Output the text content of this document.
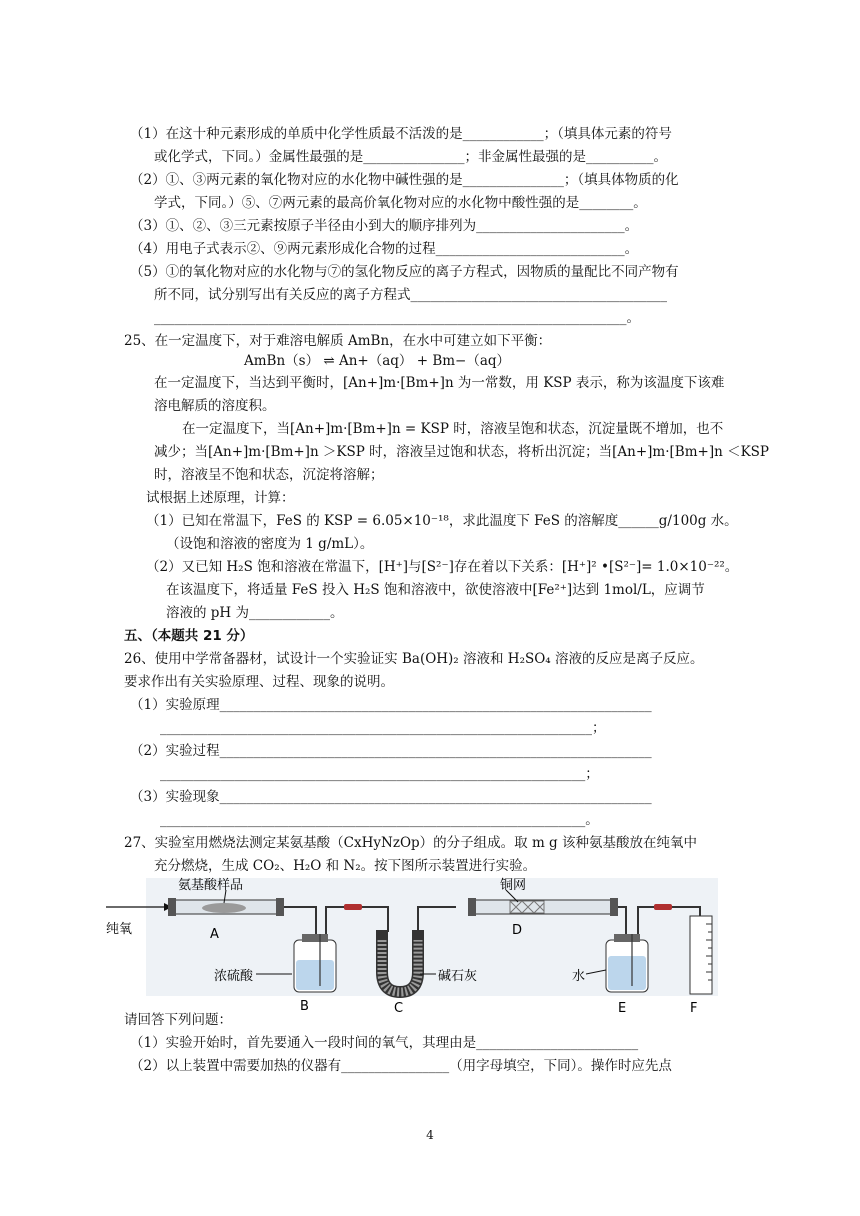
（1）在这十种元素形成的单质中化学性质最不活泼的是____________；（填具体元素的符号
或化学式，下同。）金属性最强的是_______________；非金属性最强的是__________。
（2）①、③两元素的氧化物对应的水化物中碱性强的是_______________；（填具体物质的化
学式，下同。）⑤、⑦两元素的最高价氧化物对应的水化物中酸性强的是________。
（3）①、②、③三元素按原子半径由小到大的顺序排列为______________________。
（4）用电子式表示②、⑨两元素形成化合物的过程____________________________。
（5）①的氧化物对应的水化物与⑦的氢化物反应的离子方程式，因物质的量配比不同产物有
所不同，试分别写出有关反应的离子方程式______________________________________
______________________________________________________________________。
25、在一定温度下，对于难溶电解质 AmBn，在水中可建立如下平衡：
AmBn（s） ⇌ An+（aq） + Bm−（aq）
在一定温度下，当达到平衡时，[An+]m·[Bm+]n 为一常数，用 KSP 表示，称为该温度下该难
溶电解质的溶度积。
在一定温度下，当[An+]m·[Bm+]n = KSP 时，溶液呈饱和状态，沉淀量既不增加，也不
减少；当[An+]m·[Bm+]n ＞KSP 时，溶液呈过饱和状态，将析出沉淀；当[An+]m·[Bm+]n ＜KSP
时，溶液呈不饱和状态，沉淀将溶解；
试根据上述原理，计算：
（1）已知在常温下，FeS 的 KSP = 6.05×10⁻¹⁸，求此温度下 FeS 的溶解度______g/100g 水。
（设饱和溶液的密度为 1 g/mL）。
（2）又已知 H₂S 饱和溶液在常温下，[H⁺]与[S²⁻]存在着以下关系：[H⁺]² •[S²⁻]= 1.0×10⁻²²。
在该温度下，将适量 FeS 投入 H₂S 饱和溶液中，欲使溶液中[Fe²⁺]达到 1mol/L，应调节
溶液的 pH 为____________。
五、（本题共 21 分）
26、使用中学常备器材，试设计一个实验证实 Ba(OH)₂ 溶液和 H₂SO₄ 溶液的反应是离子反应。
要求作出有关实验原理、过程、现象的说明。
（1）实验原理________________________________________________________________
________________________________________________________________；
（2）实验过程________________________________________________________________
_______________________________________________________________；
（3）实验现象________________________________________________________________
_______________________________________________________________。
27、实验室用燃烧法测定某氨基酸（CxHyNzOp）的分子组成。取 m g 该种氨基酸放在纯氧中
充分燃烧，生成 CO₂、H₂O 和 N₂。按下图所示装置进行实验。
氨基酸样品	铜网
纯氧
浓硫酸	碱石灰	水
A
B	C
D
E	F
请回答下列问题：
（1）实验开始时，首先要通入一段时间的氧气，其理由是________________________
（2）以上装置中需要加热的仪器有________________（用字母填空，下同）。操作时应先点
4
